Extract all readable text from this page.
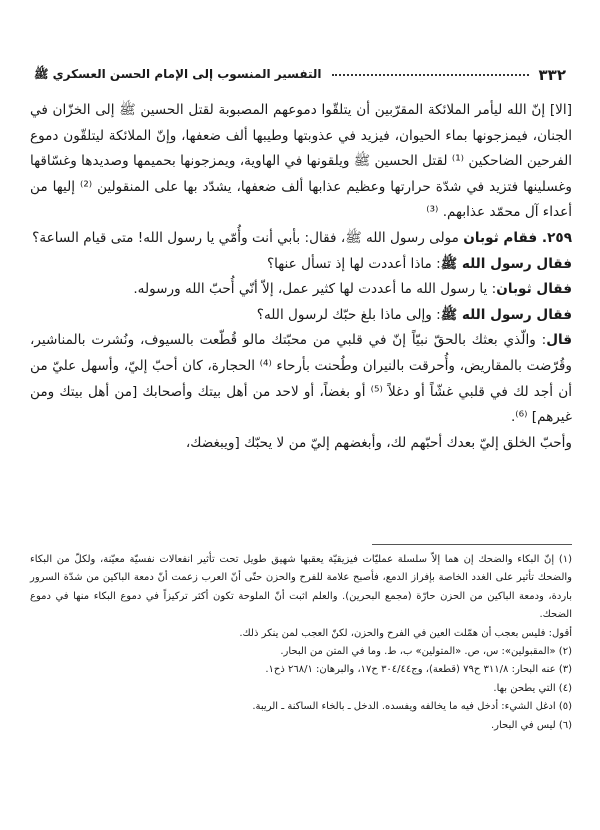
٣٣٢
التفسير المنسوب إلى الإمام الحسن العسكري ﷺ

[الا] إنّ الله ليأمر الملائكة المقرّبين أن يتلقّوا دموعهم المصبوبة لقتل الحسين ﷺ إلى الخزّان في الجنان، فيمزجونها بماء الحيوان، فيزيد في عذوبتها وطيبها ألف ضعفها، وإنّ الملائكة ليتلقّون دموع الفرحين الضاحكين ⁽¹⁾ لقتل الحسين ﷺ ويلقونها في الهاوية، ويمزجونها بحميمها وصديدها وغسّاقها وغسلينها فتزيد في شدّة حرارتها وعظيم عذابها ألف ضعفها، يشدّد بها على المنقولين ⁽²⁾ إليها من أعداء آل محمّد عذابهم. ⁽³⁾

٢٥٩. فقام ثوبان مولى رسول الله ﷺ، فقال: بأبي أنت وأُمّي يا رسول الله! متى قيام الساعة؟

فقال رسول الله ﷺ: ماذا أعددت لها إذ تسأل عنها؟

فقال ثوبان: يا رسول الله ما أعددت لها كثير عمل، إلاّ أنّي أُحبّ الله ورسوله.

فقال رسول الله ﷺ: وإلى ماذا بلغ حبّك لرسول الله؟

قال: والّذي بعثك بالحقّ نبيّاً إنّ في قلبي من محبّتك مالو قُطّعت بالسيوف، ونُشرت بالمناشير، وقُرّضت بالمقاريض، وأُحرقت بالنيران وطُحنت بأرحاء ⁽⁴⁾ الحجارة، كان أحبّ إليّ، وأسهل عليّ من أن أجد لك في قلبي غشّاً أو دغلاً ⁽⁵⁾ أو بغضاً، أو لاحد من أهل بيتك وأصحابك [من أهل بيتك ومن غيرهم] ⁽⁶⁾.

وأحبّ الخلق إليّ بعدك أحبّهم لك، وأبغضهم إليّ من لا يحبّك [ويبغضك،

(١) إنّ البكاء والضحك إن هما إلاّ سلسلة عمليّات فيزيقيّة يعقبها شهيق طويل تحت تأثير انفعالات نفسيّة معيّنة، ولكلّ من البكاء والضحك تأثير على الغدد الخاصة بإفراز الدمع، فأصبح علامة للفرح والحزن حتّى أنّ العرب زعمت أنّ دمعة الباكين من شدّة السرور باردة، ودمعة الباكين من الحزن حارّة (مجمع البحرين). والعلم اثبت أنّ الملوحة تكون أكثر تركيزاً في دموع البكاء منها في دموع الضحك.

أقول: فليس بعجب أن همّلت العين في الفرح والحزن، لكنّ العجب لمن ينكر ذلك.

(٢) «المقبولين»: س، ص. «المتولين» ب، ط. وما في المتن من البحار.

(٣) عنه البحار: ٣١١/٨ ح٧٩ (قطعة)، وج٣٠٤/٤٤ ح١٧، والبرهان: ٢٦٨/١ ذح١.

(٤) التي يطحن بها.

(٥) ادغل الشيء: أدخل فيه ما يخالفه ويفسده. الدخل ـ بالخاء الساكنة ـ الريبة.

(٦) ليس في البحار.
